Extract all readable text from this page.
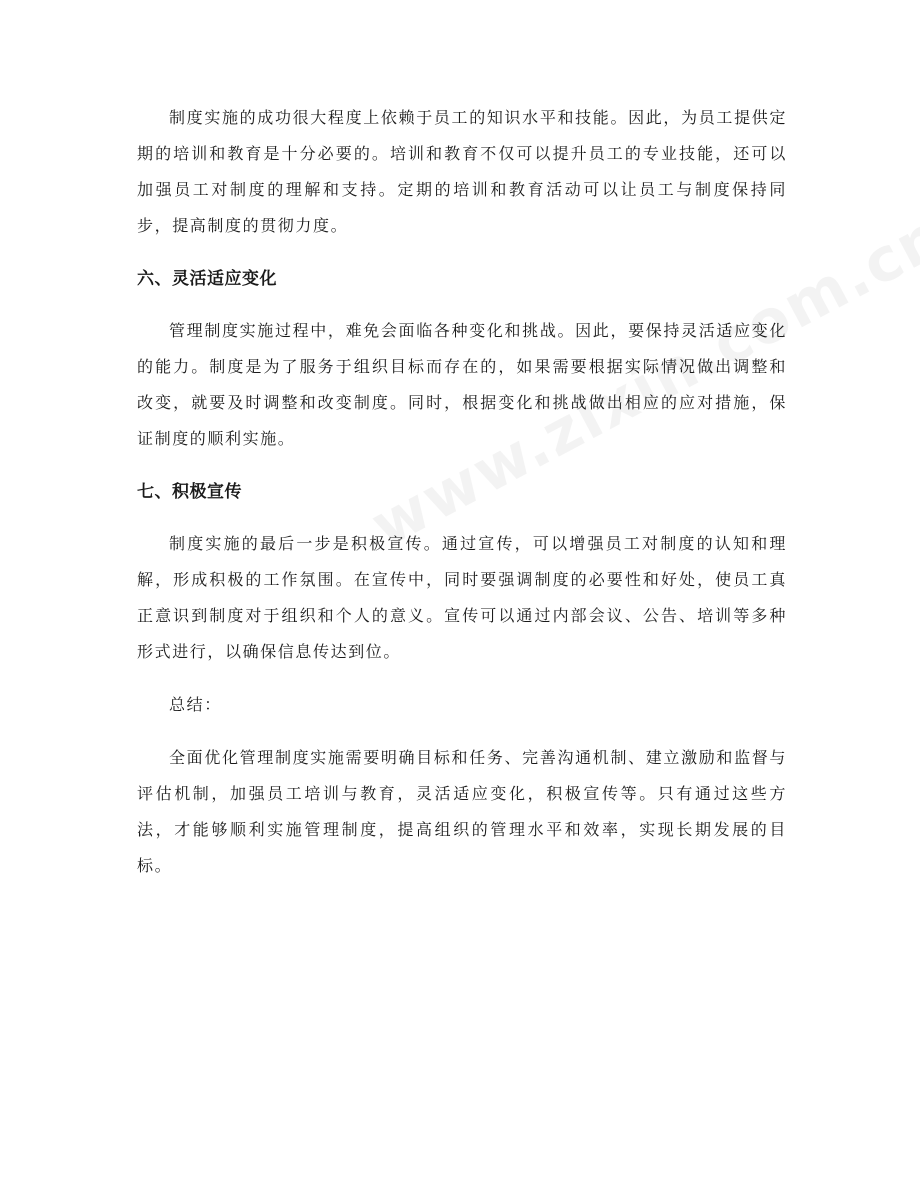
制度实施的成功很大程度上依赖于员工的知识水平和技能。因此，为员工提供定期的培训和教育是十分必要的。培训和教育不仅可以提升员工的专业技能，还可以加强员工对制度的理解和支持。定期的培训和教育活动可以让员工与制度保持同步，提高制度的贯彻力度。

六、灵活适应变化

管理制度实施过程中，难免会面临各种变化和挑战。因此，要保持灵活适应变化的能力。制度是为了服务于组织目标而存在的，如果需要根据实际情况做出调整和改变，就要及时调整和改变制度。同时，根据变化和挑战做出相应的应对措施，保证制度的顺利实施。

七、积极宣传

制度实施的最后一步是积极宣传。通过宣传，可以增强员工对制度的认知和理解，形成积极的工作氛围。在宣传中，同时要强调制度的必要性和好处，使员工真正意识到制度对于组织和个人的意义。宣传可以通过内部会议、公告、培训等多种形式进行，以确保信息传达到位。

总结：

全面优化管理制度实施需要明确目标和任务、完善沟通机制、建立激励和监督与评估机制，加强员工培训与教育，灵活适应变化，积极宣传等。只有通过这些方法，才能够顺利实施管理制度，提高组织的管理水平和效率，实现长期发展的目标。
